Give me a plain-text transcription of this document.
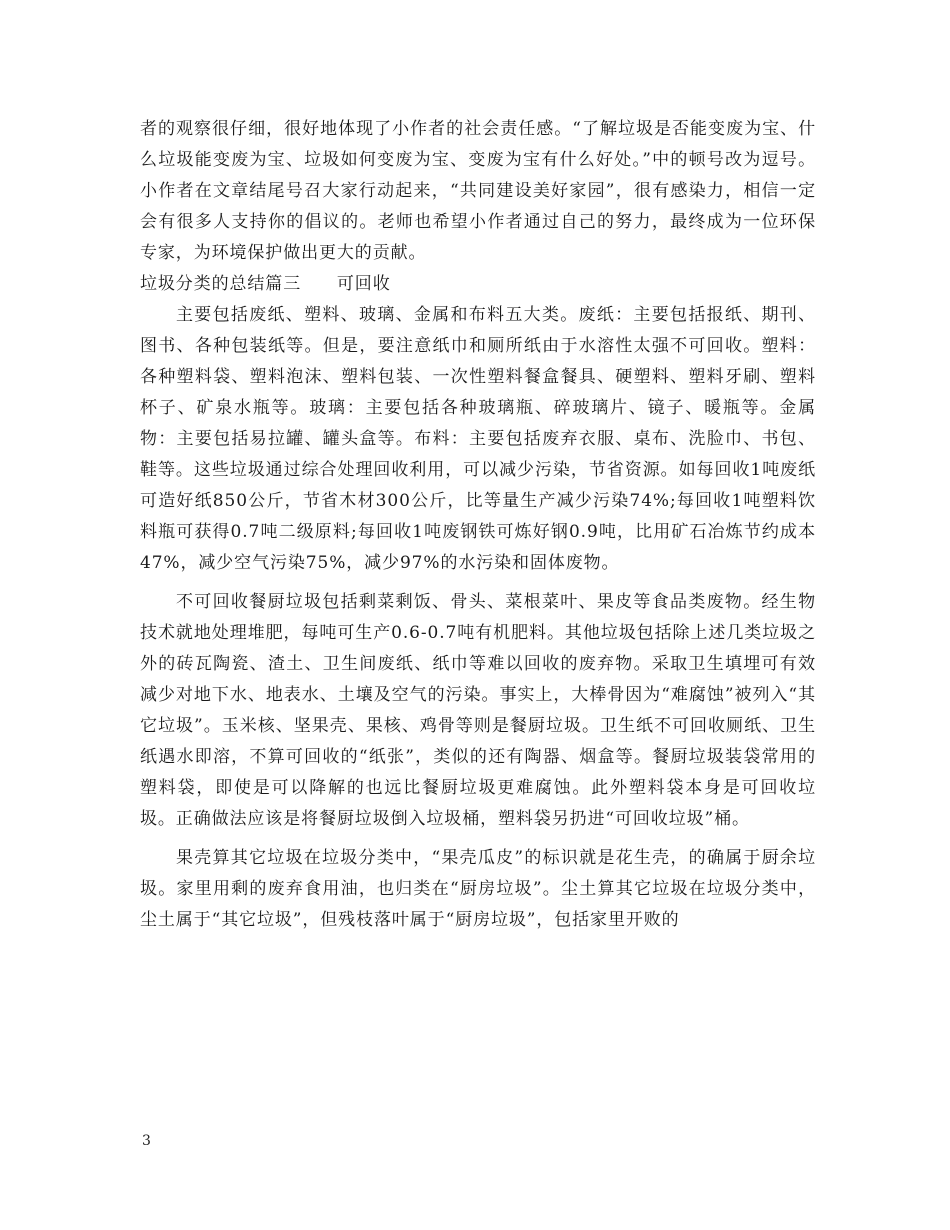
者的观察很仔细，很好地体现了小作者的社会责任感。“了解垃圾是否能变废为宝、什么垃圾能变废为宝、垃圾如何变废为宝、变废为宝有什么好处。”中的顿号改为逗号。小作者在文章结尾号召大家行动起来，“共同建设美好家园”，很有感染力，相信一定会有很多人支持你的倡议的。老师也希望小作者通过自己的努力，最终成为一位环保专家，为环境保护做出更大的贡献。

垃圾分类的总结篇三　　可回收

主要包括废纸、塑料、玻璃、金属和布料五大类。废纸：主要包括报纸、期刊、图书、各种包装纸等。但是，要注意纸巾和厕所纸由于水溶性太强不可回收。塑料：各种塑料袋、塑料泡沫、塑料包装、一次性塑料餐盒餐具、硬塑料、塑料牙刷、塑料杯子、矿泉水瓶等。玻璃：主要包括各种玻璃瓶、碎玻璃片、镜子、暖瓶等。金属物：主要包括易拉罐、罐头盒等。布料：主要包括废弃衣服、桌布、洗脸巾、书包、鞋等。这些垃圾通过综合处理回收利用，可以减少污染，节省资源。如每回收1吨废纸可造好纸850公斤，节省木材300公斤，比等量生产减少污染74%;每回收1吨塑料饮料瓶可获得0.7吨二级原料;每回收1吨废钢铁可炼好钢0.9吨，比用矿石冶炼节约成本47%，减少空气污染75%，减少97%的水污染和固体废物。

不可回收餐厨垃圾包括剩菜剩饭、骨头、菜根菜叶、果皮等食品类废物。经生物技术就地处理堆肥，每吨可生产0.6-0.7吨有机肥料。其他垃圾包括除上述几类垃圾之外的砖瓦陶瓷、渣土、卫生间废纸、纸巾等难以回收的废弃物。采取卫生填埋可有效减少对地下水、地表水、土壤及空气的污染。事实上，大棒骨因为“难腐蚀”被列入“其它垃圾”。玉米核、坚果壳、果核、鸡骨等则是餐厨垃圾。卫生纸不可回收厕纸、卫生纸遇水即溶，不算可回收的“纸张”，类似的还有陶器、烟盒等。餐厨垃圾装袋常用的塑料袋，即使是可以降解的也远比餐厨垃圾更难腐蚀。此外塑料袋本身是可回收垃圾。正确做法应该是将餐厨垃圾倒入垃圾桶，塑料袋另扔进“可回收垃圾”桶。

果壳算其它垃圾在垃圾分类中，“果壳瓜皮”的标识就是花生壳，的确属于厨余垃圾。家里用剩的废弃食用油，也归类在“厨房垃圾”。尘土算其它垃圾在垃圾分类中，尘土属于“其它垃圾”，但残枝落叶属于“厨房垃圾”，包括家里开败的

3
